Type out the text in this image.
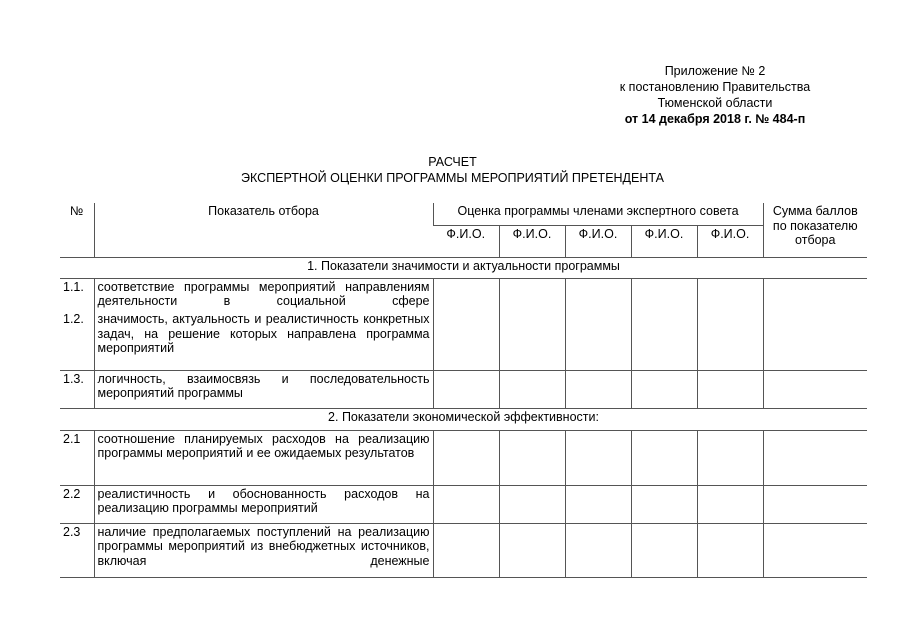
Приложение № 2
к постановлению Правительства
Тюменской области
от 14 декабря 2018 г. № 484-п
РАСЧЕТ
ЭКСПЕРТНОЙ ОЦЕНКИ ПРОГРАММЫ МЕРОПРИЯТИЙ ПРЕТЕНДЕНТА
№	Показатель отбора	Оценка программы членами экспертного совета					Сумма баллов по показателю отбора
		Ф.И.О.	Ф.И.О.	Ф.И.О.	Ф.И.О.	Ф.И.О.	
1. Показатели значимости и актуальности программы							
1.1.	соответствие программы мероприятий направлениям деятельности в социальной сфере						
1.2.	значимость, актуальность и реалистичность конкретных задач, на решение которых направлена программа мероприятий						
1.3.	логичность, взаимосвязь и последовательность мероприятий программы						
2. Показатели экономической эффективности:							
2.1	соотношение планируемых расходов на реализацию программы мероприятий и ее ожидаемых результатов						
2.2	реалистичность и обоснованность расходов на реализацию программы мероприятий						
2.3	наличие предполагаемых поступлений на реализацию программы мероприятий из внебюджетных источников, включая денежные						
